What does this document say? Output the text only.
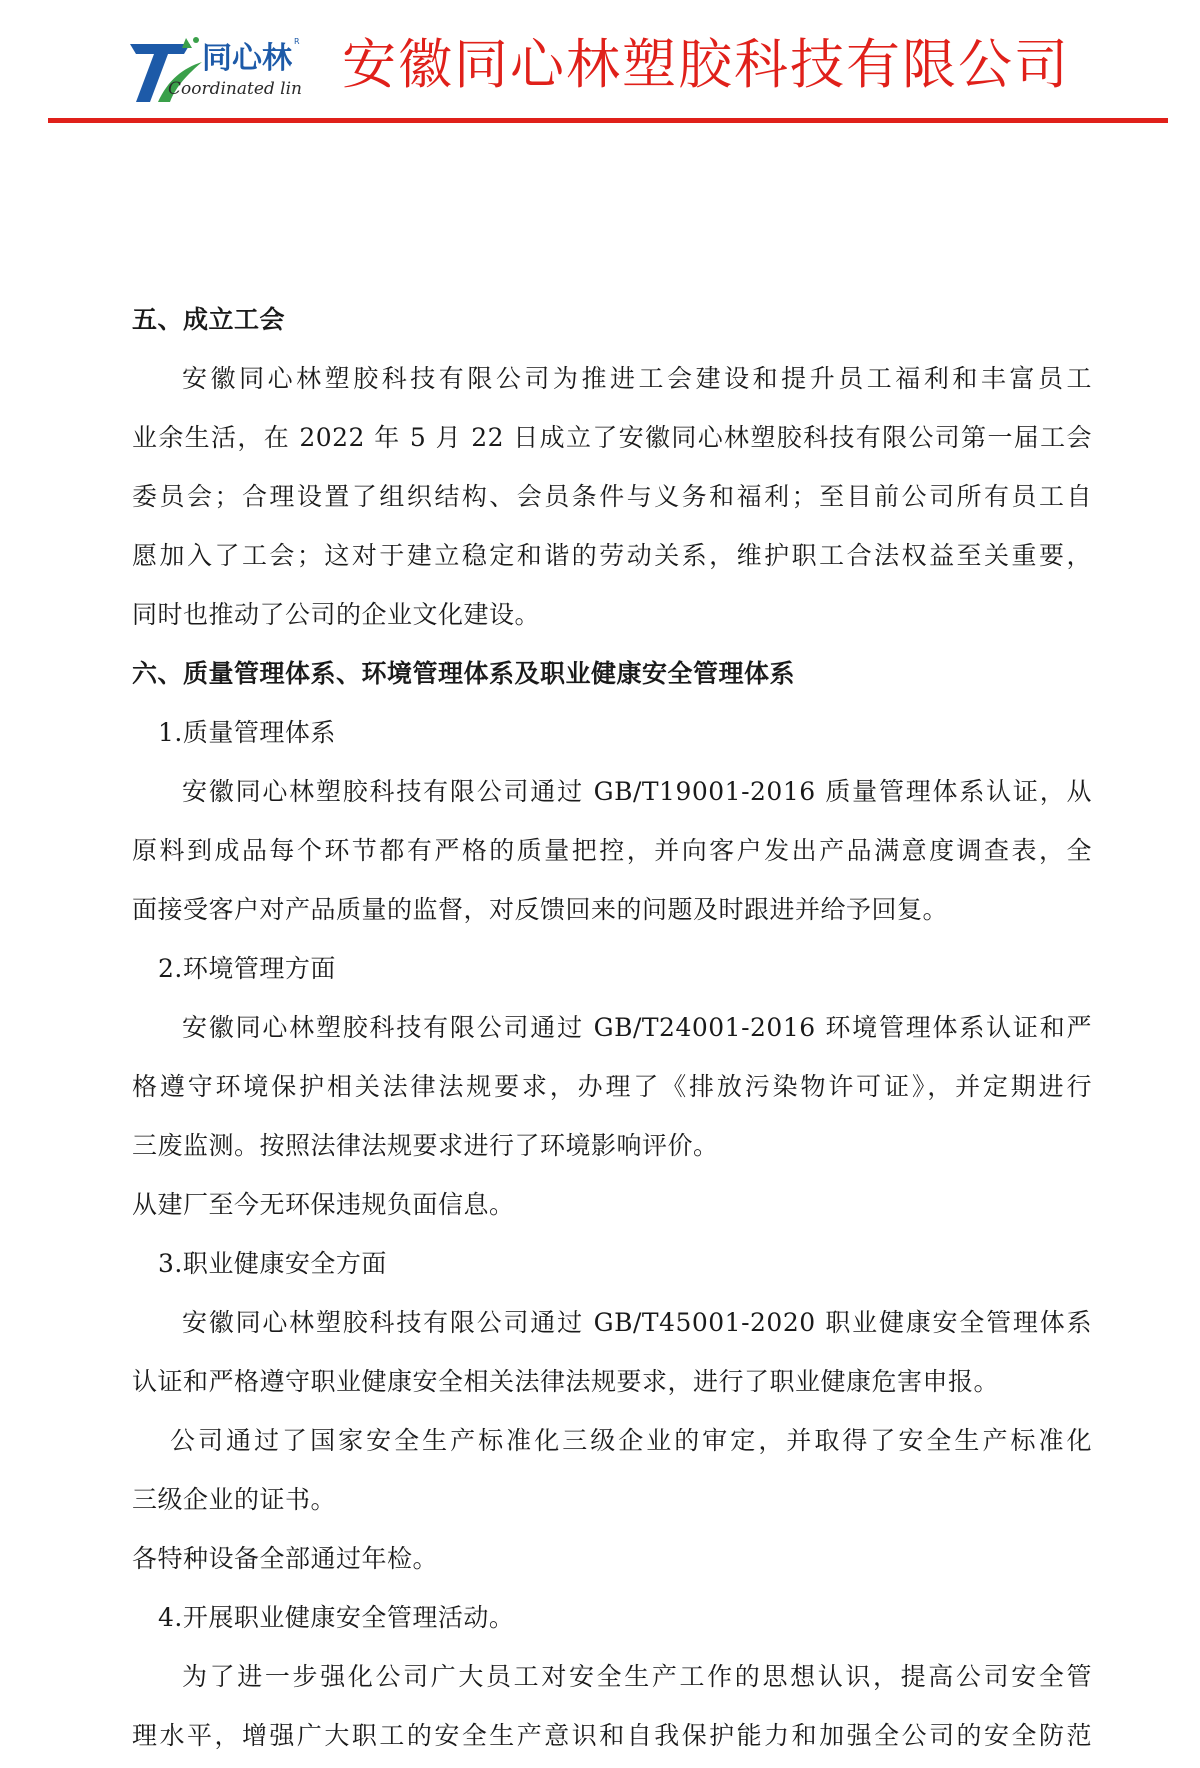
同心林 R
Coordinated lin 安徽同心林塑胶科技有限公司
五、成立工会
安徽同心林塑胶科技有限公司为推进工会建设和提升员工福利和丰富员工
业余生活，在 2022 年 5 月 22 日成立了安徽同心林塑胶科技有限公司第一届工会
委员会；合理设置了组织结构、会员条件与义务和福利；至目前公司所有员工自
愿加入了工会；这对于建立稳定和谐的劳动关系，维护职工合法权益至关重要，
同时也推动了公司的企业文化建设。
六、质量管理体系、环境管理体系及职业健康安全管理体系
1.质量管理体系
安徽同心林塑胶科技有限公司通过 GB/T19001-2016 质量管理体系认证，从
原料到成品每个环节都有严格的质量把控，并向客户发出产品满意度调查表，全
面接受客户对产品质量的监督，对反馈回来的问题及时跟进并给予回复。
2.环境管理方面
安徽同心林塑胶科技有限公司通过 GB/T24001-2016 环境管理体系认证和严
格遵守环境保护相关法律法规要求，办理了《排放污染物许可证》，并定期进行
三废监测。按照法律法规要求进行了环境影响评价。
从建厂至今无环保违规负面信息。
3.职业健康安全方面
安徽同心林塑胶科技有限公司通过 GB/T45001-2020 职业健康安全管理体系
认证和严格遵守职业健康安全相关法律法规要求，进行了职业健康危害申报。
公司通过了国家安全生产标准化三级企业的审定，并取得了安全生产标准化
三级企业的证书。
各特种设备全部通过年检。
4.开展职业健康安全管理活动。
为了进一步强化公司广大员工对安全生产工作的思想认识，提高公司安全管
理水平，增强广大职工的安全生产意识和自我保护能力和加强全公司的安全防范
